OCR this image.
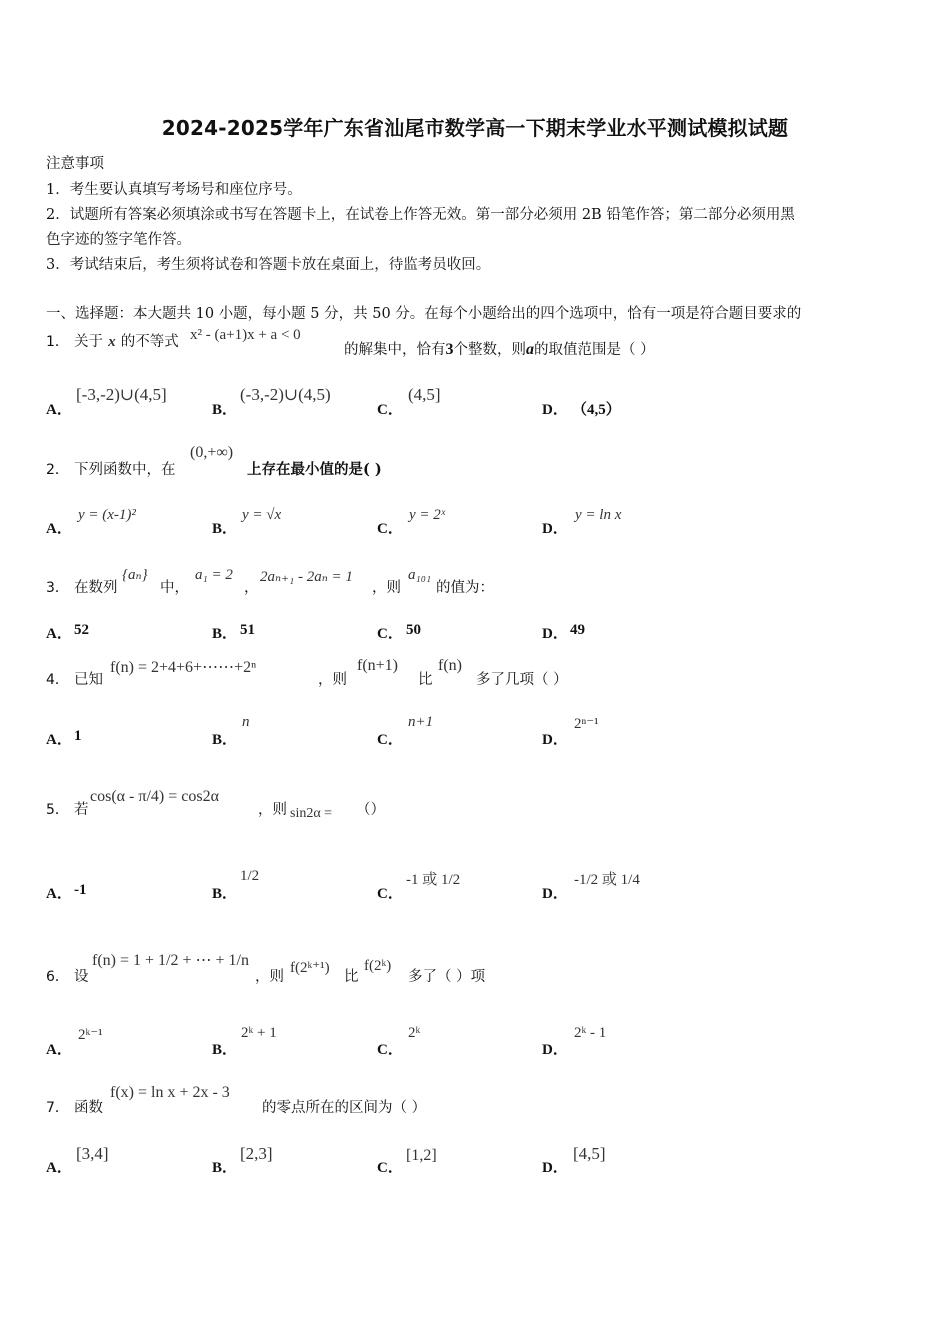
2024-2025学年广东省汕尾市数学高一下期末学业水平测试模拟试题
注意事项
1．考生要认真填写考场号和座位序号。
2．试题所有答案必须填涂或书写在答题卡上，在试卷上作答无效。第一部分必须用 2B 铅笔作答；第二部分必须用黑
色字迹的签字笔作答。
3．考试结束后，考生须将试卷和答题卡放在桌面上，待监考员收回。
一、选择题：本大题共 10 小题，每小题 5 分，共 50 分。在每个小题给出的四个选项中，恰有一项是符合题目要求的
1． 关于 x 的不等式 x² - (a+1)x + a < 0
的解集中，恰有3个整数，则a的取值范围是（ ）
A．
[-3,-2)∪(4,5]
B．
(-3,-2)∪(4,5)
C．
(4,5]
D． （4,5）
2． 下列函数中，在
(0,+∞)
上存在最小值的是( )
A．
y = (x-1)²
B．
y = √x
C．
y = 2ˣ
D．
y = ln x
3． 在数列
{aₙ}
中，
a₁ = 2
，
2aₙ₊₁ - 2aₙ = 1
，则
a₁₀₁
的值为：
A． 52	B． 51	C． 50	D． 49
4． 已知
f(n) = 2+4+6+⋯⋯+2ⁿ
，则
f(n+1)
比
f(n)
多了几项（ ）
A． 1	B．
n
C．
n+1
D．
2ⁿ⁻¹
5． 若
cos(α - π/4) = cos2α
，则 sin2α = （）
A． -1	B．
1/2
C．
-1 或 1/2
D．
-1/2 或 1/4
6． 设
f(n) = 1 + 1/2 + ⋯ + 1/n
，则
f(2ᵏ⁺¹)
比
f(2ᵏ)
多了（ ）项
A．
2ᵏ⁻¹
B．
2ᵏ + 1
C．
2ᵏ
D．
2ᵏ - 1
7． 函数
f(x) = ln x + 2x - 3
的零点所在的区间为（ ）
A．
[3,4]
B．
[2,3]
C．
[1,2]
D．
[4,5]
